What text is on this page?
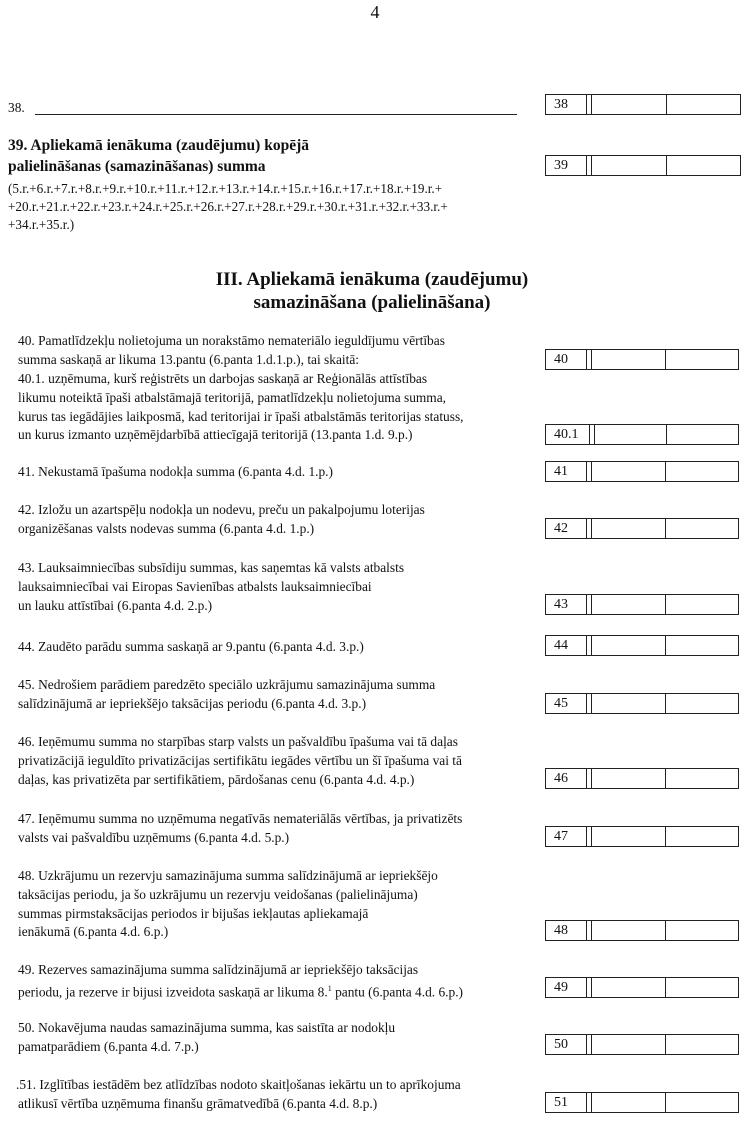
4
38.	38
39. Apliekamā ienākuma (zaudējumu) kopējā
palielināšanas (samazināšanas) summa
(5.r.+6.r.+7.r.+8.r.+9.r.+10.r.+11.r.+12.r.+13.r.+14.r.+15.r.+16.r.+17.r.+18.r.+19.r.+
+20.r.+21.r.+22.r.+23.r.+24.r.+25.r.+26.r.+27.r.+28.r.+29.r.+30.r.+31.r.+32.r.+33.r.+
+34.r.+35.r.)
39
III. Apliekamā ienākuma (zaudējumu)
samazināšana (palielināšana)
40. Pamatlīdzekļu nolietojuma un norakstāmo nemateriālo ieguldījumu vērtības
summa saskaņā ar likuma 13.pantu (6.panta 1.d.1.p.), tai skaitā:	40
40.1. uzņēmuma, kurš reģistrēts un darbojas saskaņā ar Reģionālās attīstības
likumu noteiktā īpaši atbalstāmajā teritorijā, pamatlīdzekļu nolietojuma summa,
kurus tas iegādājies laikposmā, kad teritorijai ir īpaši atbalstāmās teritorijas statuss,
un kurus izmanto uzņēmējdarbībā attiecīgajā teritorijā (13.panta 1.d. 9.p.)	40.1
41. Nekustamā īpašuma nodokļa summa (6.panta 4.d. 1.p.)	41
42. Izložu un azartspēļu nodokļa un nodevu, preču un pakalpojumu loterijas
organizēšanas valsts nodevas summa (6.panta 4.d. 1.p.)	42
43. Lauksaimniecības subsīdiju summas, kas saņemtas kā valsts atbalsts
lauksaimniecībai vai Eiropas Savienības atbalsts lauksaimniecībai
un lauku attīstībai (6.panta 4.d. 2.p.)	43
44. Zaudēto parādu summa saskaņā ar 9.pantu (6.panta 4.d. 3.p.)	44
45. Nedrošiem parādiem paredzēto speciālo uzkrājumu samazinājuma summa
salīdzinājumā ar iepriekšējo taksācijas periodu (6.panta 4.d. 3.p.)	45
46. Ieņēmumu summa no starpības starp valsts un pašvaldību īpašuma vai tā daļas
privatizācijā ieguldīto privatizācijas sertifikātu iegādes vērtību un šī īpašuma vai tā
daļas, kas privatizēta par sertifikātiem, pārdošanas cenu (6.panta 4.d. 4.p.)	46
47. Ieņēmumu summa no uzņēmuma negatīvās nemateriālās vērtības, ja privatizēts
valsts vai pašvaldību uzņēmums (6.panta 4.d. 5.p.)	47
48. Uzkrājumu un rezervju samazinājuma summa salīdzinājumā ar iepriekšējo
taksācijas periodu, ja šo uzkrājumu un rezervju veidošanas (palielinājuma)
summas pirmstaksācijas periodos ir bijušas iekļautas apliekamajā
ienākumā (6.panta 4.d. 6.p.)	48
49. Rezerves samazinājuma summa salīdzinājumā ar iepriekšējo taksācijas
periodu, ja rezerve ir bijusi izveidota saskaņā ar likuma 8.$^1$ pantu (6.panta 4.d. 6.p.)	49
50. Nokavējuma naudas samazinājuma summa, kas saistīta ar nodokļu
pamatparādiem (6.panta 4.d. 7.p.)	50
.51. Izglītības iestādēm bez atlīdzības nodoto skaitļošanas iekārtu un to aprīkojuma
atlikusī vērtība uzņēmuma finanšu grāmatvedībā (6.panta 4.d. 8.p.)	51
